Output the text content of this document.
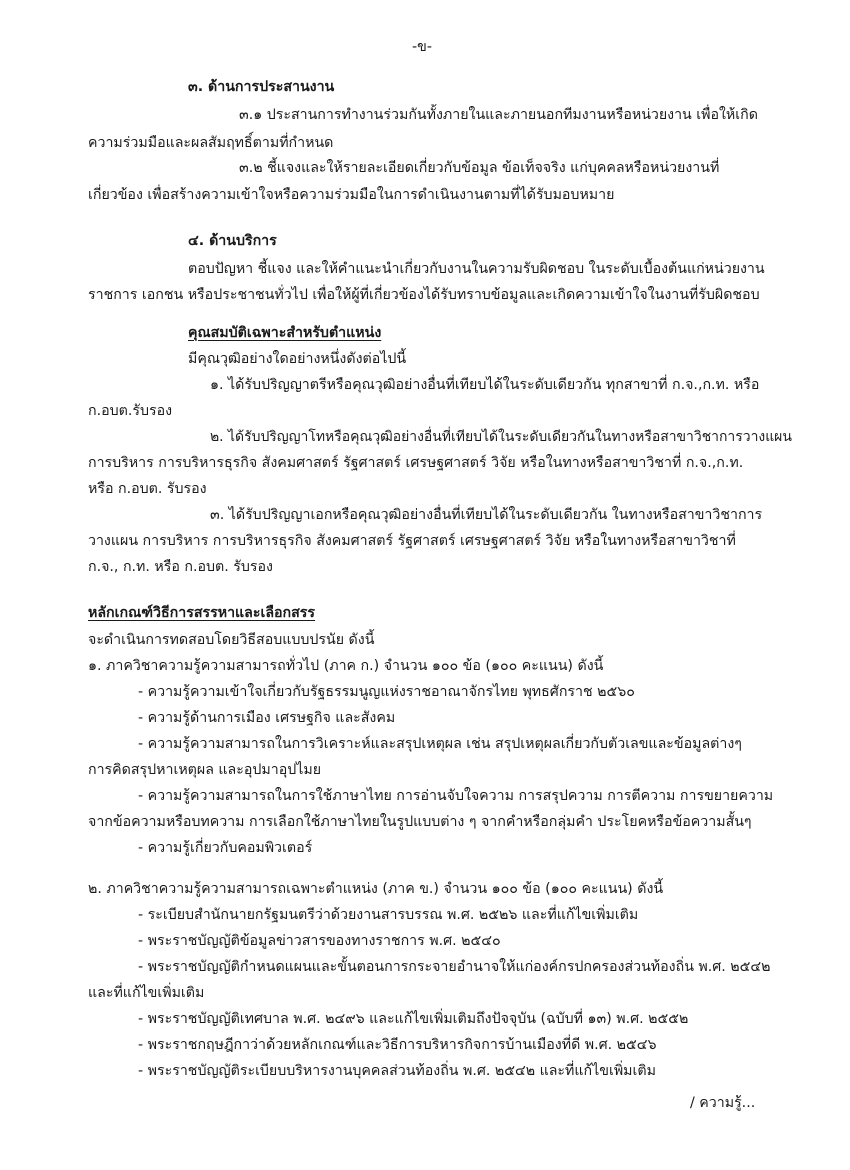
-ข-
๓. ด้านการประสานงาน
๓.๑ ประสานการทำงานร่วมกันทั้งภายในและภายนอกทีมงานหรือหน่วยงาน เพื่อให้เกิด
ความร่วมมือและผลสัมฤทธิ์ตามที่กำหนด
๓.๒ ชี้แจงและให้รายละเอียดเกี่ยวกับข้อมูล ข้อเท็จจริง แก่บุคคลหรือหน่วยงานที่
เกี่ยวข้อง เพื่อสร้างความเข้าใจหรือความร่วมมือในการดำเนินงานตามที่ได้รับมอบหมาย
๔. ด้านบริการ
ตอบปัญหา ชี้แจง และให้คำแนะนำเกี่ยวกับงานในความรับผิดชอบ ในระดับเบื้องต้นแก่หน่วยงาน
ราชการ เอกชน หรือประชาชนทั่วไป เพื่อให้ผู้ที่เกี่ยวข้องได้รับทราบข้อมูลและเกิดความเข้าใจในงานที่รับผิดชอบ
คุณสมบัติเฉพาะสำหรับตำแหน่ง
มีคุณวุฒิอย่างใดอย่างหนึ่งดังต่อไปนี้
๑. ได้รับปริญญาตรีหรือคุณวุฒิอย่างอื่นที่เทียบได้ในระดับเดียวกัน ทุกสาขาที่ ก.จ.,ก.ท. หรือ
ก.อบต.รับรอง
๒. ได้รับปริญญาโทหรือคุณวุฒิอย่างอื่นที่เทียบได้ในระดับเดียวกันในทางหรือสาขาวิชาการวางแผน
การบริหาร การบริหารธุรกิจ สังคมศาสตร์ รัฐศาสตร์ เศรษฐศาสตร์ วิจัย หรือในทางหรือสาขาวิชาที่ ก.จ.,ก.ท.
หรือ ก.อบต. รับรอง
๓. ได้รับปริญญาเอกหรือคุณวุฒิอย่างอื่นที่เทียบได้ในระดับเดียวกัน ในทางหรือสาขาวิชาการ
วางแผน การบริหาร การบริหารธุรกิจ สังคมศาสตร์ รัฐศาสตร์ เศรษฐศาสตร์ วิจัย หรือในทางหรือสาขาวิชาที่
ก.จ., ก.ท. หรือ ก.อบต. รับรอง
หลักเกณฑ์วิธีการสรรหาและเลือกสรร
จะดำเนินการทดสอบโดยวิธีสอบแบบปรนัย ดังนี้
๑. ภาควิชาความรู้ความสามารถทั่วไป (ภาค ก.) จำนวน ๑๐๐ ข้อ (๑๐๐ คะแนน) ดังนี้
- ความรู้ความเข้าใจเกี่ยวกับรัฐธรรมนูญแห่งราชอาณาจักรไทย พุทธศักราช ๒๕๖๐
- ความรู้ด้านการเมือง เศรษฐกิจ และสังคม
- ความรู้ความสามารถในการวิเคราะห์และสรุปเหตุผล เช่น สรุปเหตุผลเกี่ยวกับตัวเลขและข้อมูลต่างๆ
การคิดสรุปหาเหตุผล และอุปมาอุปไมย
- ความรู้ความสามารถในการใช้ภาษาไทย การอ่านจับใจความ การสรุปความ การตีความ การขยายความ
จากข้อความหรือบทความ การเลือกใช้ภาษาไทยในรูปแบบต่าง ๆ จากคำหรือกลุ่มคำ ประโยคหรือข้อความสั้นๆ
- ความรู้เกี่ยวกับคอมพิวเตอร์
๒. ภาควิชาความรู้ความสามารถเฉพาะตำแหน่ง (ภาค ข.) จำนวน ๑๐๐ ข้อ (๑๐๐ คะแนน) ดังนี้
- ระเบียบสำนักนายกรัฐมนตรีว่าด้วยงานสารบรรณ พ.ศ. ๒๕๒๖ และที่แก้ไขเพิ่มเติม
- พระราชบัญญัติข้อมูลข่าวสารของทางราชการ พ.ศ. ๒๕๔๐
- พระราชบัญญัติกำหนดแผนและขั้นตอนการกระจายอำนาจให้แก่องค์กรปกครองส่วนท้องถิ่น พ.ศ. ๒๕๔๒
และที่แก้ไขเพิ่มเติม
- พระราชบัญญัติเทศบาล พ.ศ. ๒๔๙๖ และแก้ไขเพิ่มเติมถึงปัจจุบัน (ฉบับที่ ๑๓) พ.ศ. ๒๕๕๒
- พระราชกฤษฎีกาว่าด้วยหลักเกณฑ์และวิธีการบริหารกิจการบ้านเมืองที่ดี พ.ศ. ๒๕๔๖
- พระราชบัญญัติระเบียบบริหารงานบุคคลส่วนท้องถิ่น พ.ศ. ๒๕๔๒ และที่แก้ไขเพิ่มเติม
/ ความรู้...
